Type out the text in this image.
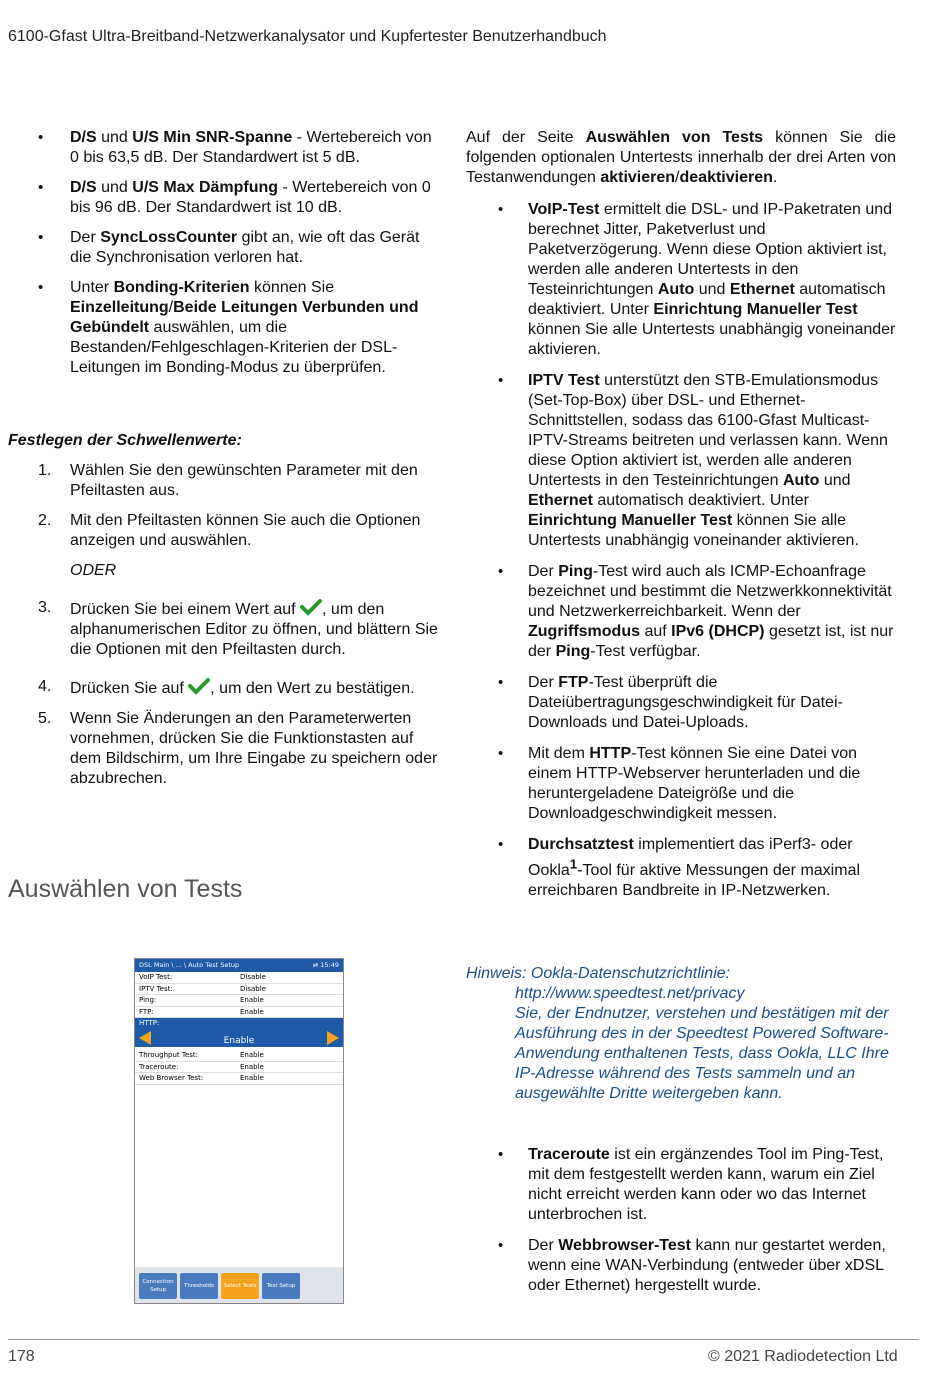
6100-Gfast Ultra-Breitband-Netzwerkanalysator und Kupfertester Benutzerhandbuch
• D/S und U/S Min SNR-Spanne - Wertebereich von 0 bis 63,5 dB. Der Standardwert ist 5 dB.
• D/S und U/S Max Dämpfung - Wertebereich von 0 bis 96 dB. Der Standardwert ist 10 dB.
• Der SyncLossCounter gibt an, wie oft das Gerät die Synchronisation verloren hat.
• Unter Bonding-Kriterien können Sie Einzelleitung/Beide Leitungen Verbunden und Gebündelt auswählen, um die Bestanden/Fehlgeschlagen-Kriterien der DSL-Leitungen im Bonding-Modus zu überprüfen.
Festlegen der Schwellenwerte:
1. Wählen Sie den gewünschten Parameter mit den Pfeiltasten aus.
2. Mit den Pfeiltasten können Sie auch die Optionen anzeigen und auswählen.
ODER
3. Drücken Sie bei einem Wert auf , um den alphanumerischen Editor zu öffnen, und blättern Sie die Optionen mit den Pfeiltasten durch.
4. Drücken Sie auf , um den Wert zu bestätigen.
5. Wenn Sie Änderungen an den Parameterwerten vornehmen, drücken Sie die Funktionstasten auf dem Bildschirm, um Ihre Eingabe zu speichern oder abzubrechen.
Auswählen von Tests
DSL Main \ ... \ Auto Test Setup	⇄ 15:49
VoIP Test:	Disable
IPTV Test:	Disable
Ping:	Enable
FTP:	Enable
HTTP:
Enable
Throughput Test:	Enable
Traceroute:	Enable
Web Browser Test:	Enable
Connection Setup
Thresholds	Select Tests	Test Setup
Auf der Seite Auswählen von Tests können Sie die folgenden optionalen Untertests innerhalb der drei Arten von Testanwendungen aktivieren/deaktivieren.
• VoIP-Test ermittelt die DSL- und IP-Paketraten und berechnet Jitter, Paketverlust und Paketverzögerung. Wenn diese Option aktiviert ist, werden alle anderen Untertests in den Testeinrichtungen Auto und Ethernet automatisch deaktiviert. Unter Einrichtung Manueller Test können Sie alle Untertests unabhängig voneinander aktivieren.
• IPTV Test unterstützt den STB-Emulationsmodus (Set-Top-Box) über DSL- und Ethernet-Schnittstellen, sodass das 6100-Gfast Multicast-IPTV-Streams beitreten und verlassen kann. Wenn diese Option aktiviert ist, werden alle anderen Untertests in den Testeinrichtungen Auto und Ethernet automatisch deaktiviert. Unter Einrichtung Manueller Test können Sie alle Untertests unabhängig voneinander aktivieren.
• Der Ping-Test wird auch als ICMP-Echoanfrage bezeichnet und bestimmt die Netzwerkkonnektivität und Netzwerkerreichbarkeit. Wenn der Zugriffsmodus auf IPv6 (DHCP) gesetzt ist, ist nur der Ping-Test verfügbar.
• Der FTP-Test überprüft die Dateiübertragungsgeschwindigkeit für Datei-Downloads und Datei-Uploads.
• Mit dem HTTP-Test können Sie eine Datei von einem HTTP-Webserver herunterladen und die heruntergeladene Dateigröße und die Downloadgeschwindigkeit messen.
• Durchsatztest implementiert das iPerf3- oder Ookla$^1$-Tool für aktive Messungen der maximal erreichbaren Bandbreite in IP-Netzwerken.
Hinweis: Ookla-Datenschutzrichtlinie:
http://www.speedtest.net/privacy
Sie, der Endnutzer, verstehen und bestätigen mit der Ausführung des in der Speedtest Powered Software-Anwendung enthaltenen Tests, dass Ookla, LLC Ihre IP-Adresse während des Tests sammeln und an ausgewählte Dritte weitergeben kann.
• Traceroute ist ein ergänzendes Tool im Ping-Test, mit dem festgestellt werden kann, warum ein Ziel nicht erreicht werden kann oder wo das Internet unterbrochen ist.
• Der Webbrowser-Test kann nur gestartet werden, wenn eine WAN-Verbindung (entweder über xDSL oder Ethernet) hergestellt wurde.
178	© 2021 Radiodetection Ltd
